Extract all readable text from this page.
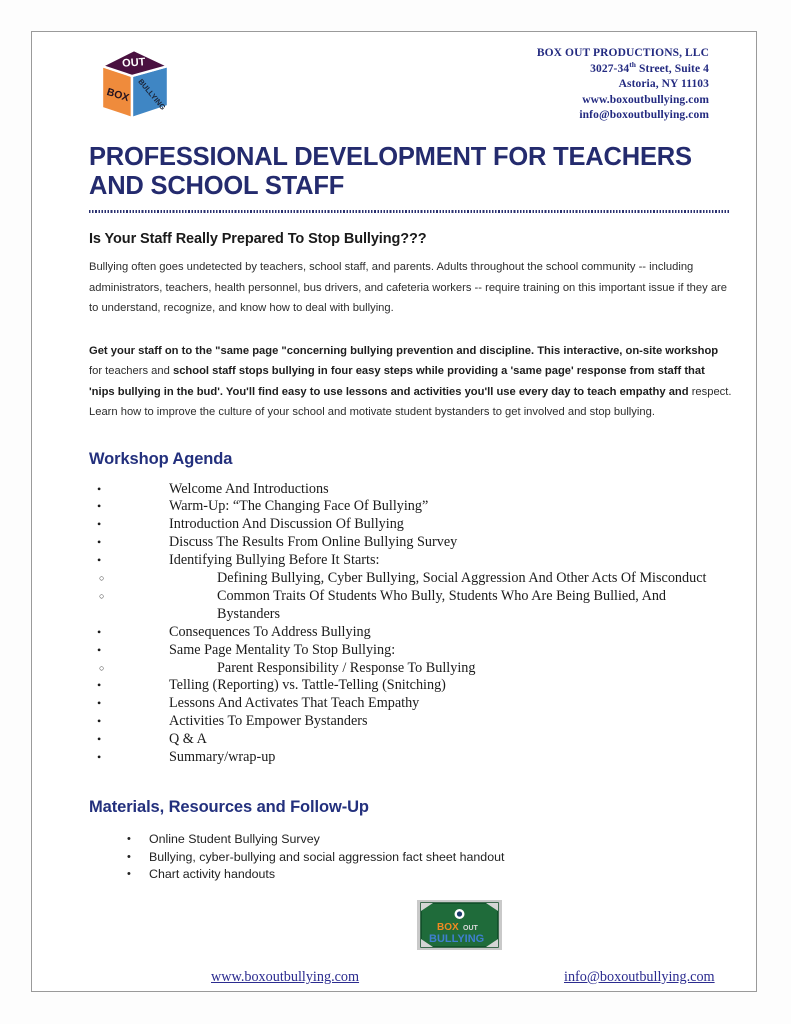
OUT
BOX BULLYING
BOX OUT PRODUCTIONS, LLC
3027-34th Street, Suite 4
Astoria, NY 11103
www.boxoutbullying.com
info@boxoutbullying.com
PROFESSIONAL DEVELOPMENT FOR TEACHERS AND SCHOOL STAFF
Is Your Staff Really Prepared To Stop Bullying???

Bullying often goes undetected by teachers, school staff, and parents. Adults throughout the school community -- including administrators, teachers, health personnel, bus drivers, and cafeteria workers -- require training on this important issue if they are to understand, recognize, and know how to deal with bullying.

Get your staff on to the "same page "concerning bullying prevention and discipline. This interactive, on-site workshop for teachers and school staff stops bullying in four easy steps while providing a 'same page' response from staff that 'nips bullying in the bud'. You'll find easy to use lessons and activities you'll use every day to teach empathy and respect. Learn how to improve the culture of your school and motivate student bystanders to get involved and stop bullying.

Workshop Agenda
•	Welcome And Introductions
•	Warm-Up: “The Changing Face Of Bullying”
•	Introduction And Discussion Of Bullying
•	Discuss The Results From Online Bullying Survey
•	Identifying Bullying Before It Starts:
○	Defining Bullying, Cyber Bullying, Social Aggression And Other Acts Of Misconduct
○	Common Traits Of Students Who Bully, Students Who Are Being Bullied, And Bystanders
•	Consequences To Address Bullying
•	Same Page Mentality To Stop Bullying:
○	Parent Responsibility / Response To Bullying
•	Telling (Reporting) vs. Tattle-Telling (Snitching)
•	Lessons And Activates That Teach Empathy
•	Activities To Empower Bystanders
•	Q & A
•	Summary/wrap-up
Materials, Resources and Follow-Up
• Online Student Bullying Survey
• Bullying, cyber-bullying and social aggression fact sheet handout
• Chart activity handouts
BOX OUT
BULLYING
www.boxoutbullying.com	info@boxoutbullying.com
